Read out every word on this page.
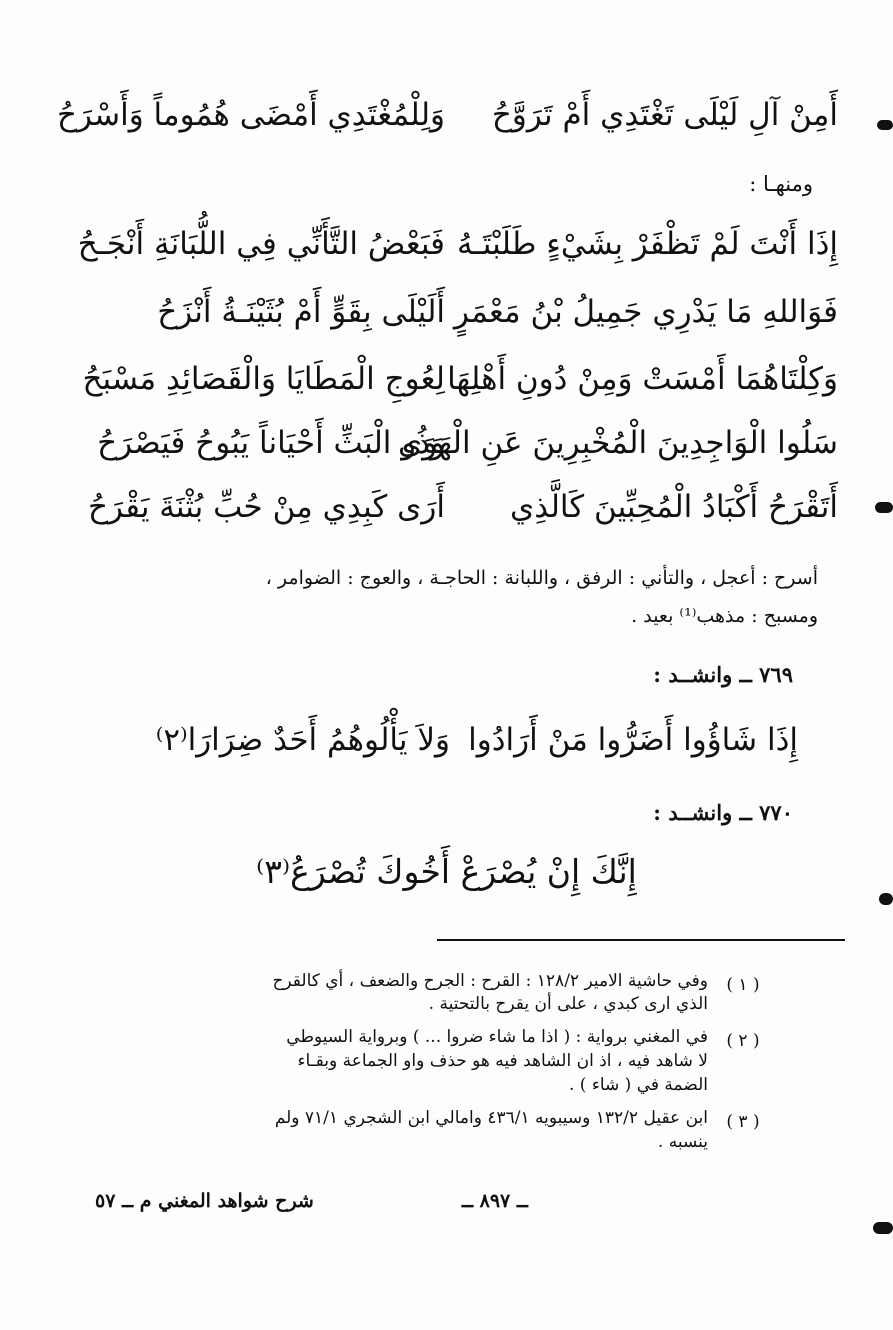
أَمِنْ آلِ لَيْلَى تَغْتَدِي أَمْ تَرَوَّحُ
وَلِلْمُغْتَدِي أَمْضَى هُمُوماً وَأَسْرَحُ
ومنهـا :
إِذَا أَنْتَ لَمْ تَظْفَرْ بِشَيْءٍ طَلَبْتَـهُ
فَبَعْضُ التَّأَنِّي فِي اللُّبَانَةِ أَنْجَـحُ
فَوَاللهِ مَا يَدْرِي جَمِيلُ بْنُ مَعْمَرٍ
أَلَيْلَى بِقَوٍّ أَمْ بُثَيْنَـةُ أَنْزَحُ
وَكِلْتَاهُمَا أَمْسَتْ وَمِنْ دُونِ أَهْلِهَا
لِعُوجِ الْمَطَايَا وَالْقَصَائِدِ مَسْبَحُ
سَلُوا الْوَاجِدِينَ الْمُخْبِرِينَ عَنِ الْهَوَى
وَذُو الْبَثِّ أَحْيَاناً يَبُوحُ فَيَصْرَحُ
أَتَقْرَحُ أَكْبَادُ الْمُحِبِّينَ كَالَّذِي
أَرَى كَبِدِي مِنْ حُبِّ بُثْنَةَ يَقْرَحُ
أسرح : أعجل ، والتأني : الرفق ، واللبانة : الحاجـة ، والعوج : الضوامر ،
ومسبح : مذهب⁽¹⁾ بعيد .
٧٦٩ ــ وانشــد :
إِذَا شَاؤُوا أَضَرُّوا مَنْ أَرَادُوا
وَلاَ يَأْلُوهُمُ أَحَدٌ ضِرَارَا⁽٢⁾
٧٧٠ ــ وانشــد :
إِنَّكَ إِنْ يُصْرَعْ أَخُوكَ تُصْرَعُ⁽٣⁾
( ١ )
وفي حاشية الامير ١٢٨/٢ : القرح : الجرح والضعف ، أي كالقرح
الذي ارى كبدي ، على أن يقرح بالتحتية .
( ٢ )
في المغني برواية : ( اذا ما شاء ضروا ... ) وبرواية السيوطي
لا شاهد فيه ، اذ ان الشاهد فيه هو حذف واو الجماعة وبقـاء
الضمة في ( شاء ) .
( ٣ )
ابن عقيل ١٣٢/٢ وسيبويه ٤٣٦/١ وامالي ابن الشجري ٧١/١ ولم
ينسبه .
ــ ٨٩٧ ــ
شرح شواهد المغني م ــ ٥٧
